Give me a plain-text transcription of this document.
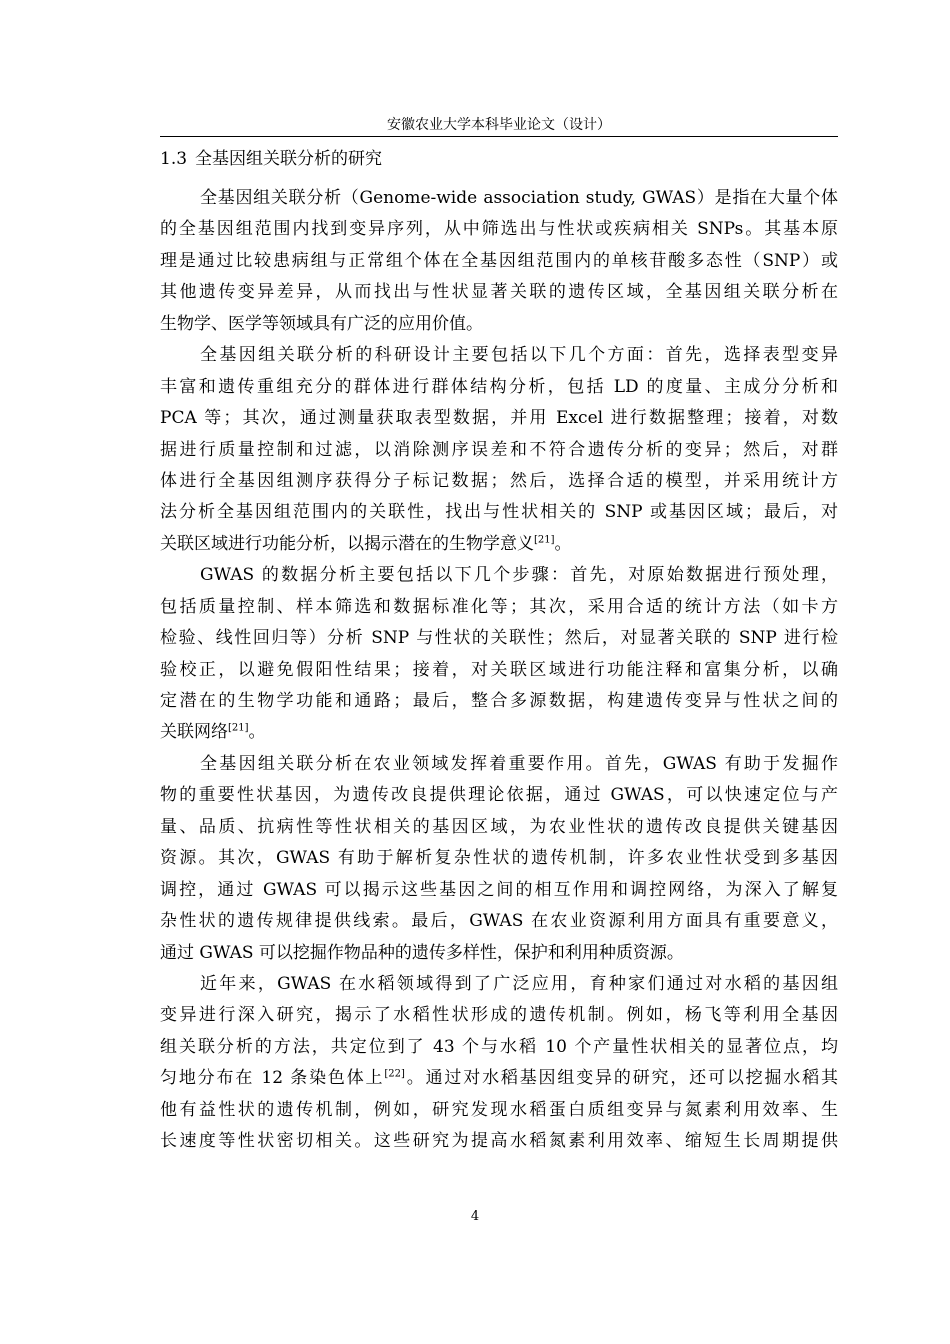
安徽农业大学本科毕业论文（设计）
1.3 全基因组关联分析的研究
全基因组关联分析（Genome-wide association study, GWAS）是指在大量个体
的全基因组范围内找到变异序列，从中筛选出与性状或疾病相关 SNPs。其基本原
理是通过比较患病组与正常组个体在全基因组范围内的单核苷酸多态性（SNP）或
其他遗传变异差异，从而找出与性状显著关联的遗传区域，全基因组关联分析在
生物学、医学等领域具有广泛的应用价值。
全基因组关联分析的科研设计主要包括以下几个方面：首先，选择表型变异
丰富和遗传重组充分的群体进行群体结构分析，包括 LD 的度量、主成分分析和
PCA 等；其次，通过测量获取表型数据，并用 Excel 进行数据整理；接着，对数
据进行质量控制和过滤，以消除测序误差和不符合遗传分析的变异；然后，对群
体进行全基因组测序获得分子标记数据；然后，选择合适的模型，并采用统计方
法分析全基因组范围内的关联性，找出与性状相关的 SNP 或基因区域；最后，对
关联区域进行功能分析，以揭示潜在的生物学意义[21]。
GWAS 的数据分析主要包括以下几个步骤：首先，对原始数据进行预处理，
包括质量控制、样本筛选和数据标准化等；其次，采用合适的统计方法（如卡方
检验、线性回归等）分析 SNP 与性状的关联性；然后，对显著关联的 SNP 进行检
验校正，以避免假阳性结果；接着，对关联区域进行功能注释和富集分析，以确
定潜在的生物学功能和通路；最后，整合多源数据，构建遗传变异与性状之间的
关联网络[21]。
全基因组关联分析在农业领域发挥着重要作用。首先，GWAS 有助于发掘作
物的重要性状基因，为遗传改良提供理论依据，通过 GWAS，可以快速定位与产
量、品质、抗病性等性状相关的基因区域，为农业性状的遗传改良提供关键基因
资源。其次，GWAS 有助于解析复杂性状的遗传机制，许多农业性状受到多基因
调控，通过 GWAS 可以揭示这些基因之间的相互作用和调控网络，为深入了解复
杂性状的遗传规律提供线索。最后，GWAS 在农业资源利用方面具有重要意义，
通过 GWAS 可以挖掘作物品种的遗传多样性，保护和利用种质资源。
近年来，GWAS 在水稻领域得到了广泛应用，育种家们通过对水稻的基因组
变异进行深入研究，揭示了水稻性状形成的遗传机制。例如，杨飞等利用全基因
组关联分析的方法，共定位到了 43 个与水稻 10 个产量性状相关的显著位点，均
匀地分布在 12 条染色体上[22]。通过对水稻基因组变异的研究，还可以挖掘水稻其
他有益性状的遗传机制，例如，研究发现水稻蛋白质组变异与氮素利用效率、生
长速度等性状密切相关。这些研究为提高水稻氮素利用效率、缩短生长周期提供
4
